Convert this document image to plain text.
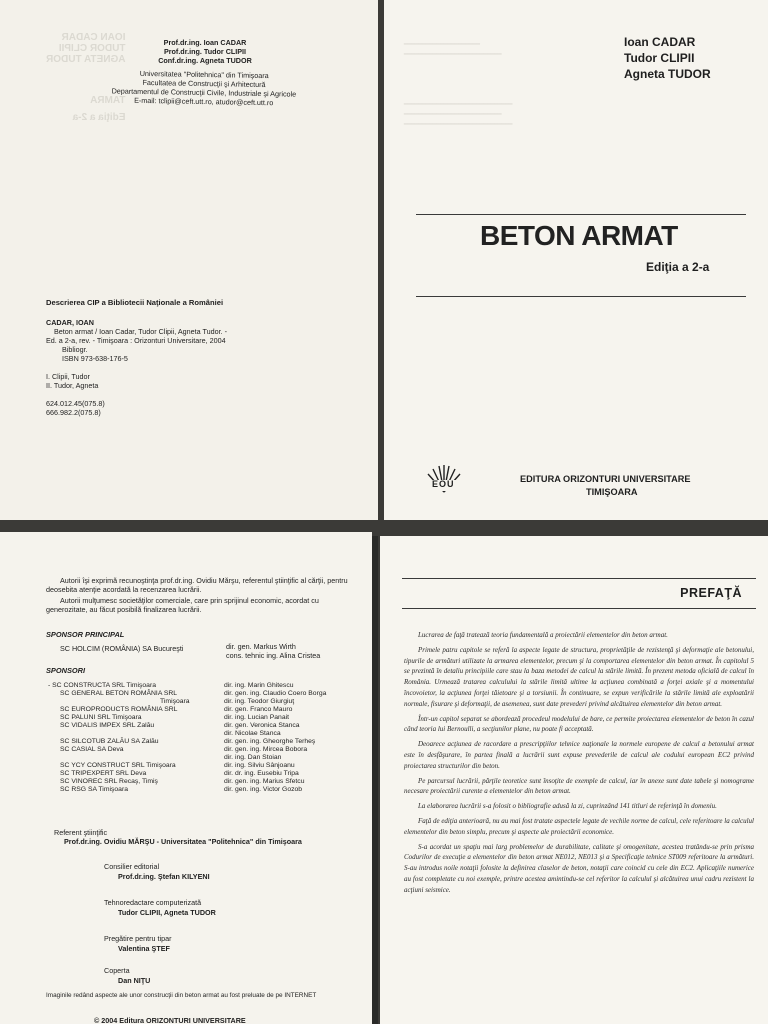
IOAN CADAR
TUDOR CLIPII
AGNETA TUDOR
TAMRA
Ediţia a 2-a
Prof.dr.ing. Ioan CADAR
Prof.dr.ing. Tudor CLIPII
Conf.dr.ing. Agneta TUDOR
Universitatea "Politehnica" din Timişoara
Facultatea de Construcţii şi Arhitectură
Departamentul de Construcţii Civile, Industriale şi Agricole
E-mail: tclipii@ceft.utt.ro, atudor@ceft.utt.ro
Descrierea CIP a Bibliotecii Naţionale a României
CADAR, IOAN
Beton armat / Ioan Cadar, Tudor Clipii, Agneta Tudor. -
Ed. a 2-a, rev. - Timişoara : Orizonturi Universitare, 2004
Bibliogr.
ISBN 973-638-176-5
I. Clipii, Tudor
II. Tudor, Agneta
624.012.45(075.8)
666.982.2(075.8)
━━━━━━━━━━━━━━━━━━━━━
━━━━━━━━━━━━━━━━━━━━━━━━━━━
━━━━━━━━━━━━━━━━━━━━━━━━━━━━━━
━━━━━━━━━━━━━━━━━━━━━━━━━━━
━━━━━━━━━━━━━━━━━━━━━━━━━━━━━━
Ioan CADAR
Tudor CLIPII
Agneta TUDOR
BETON ARMAT
Ediţia a 2-a
EOU	EDITURA ORIZONTURI UNIVERSITARE
TIMIŞOARA
Autorii îşi exprimă recunoştinţa prof.dr.ing. Ovidiu Mărşu, referentul ştiinţific al cărţii, pentru deosebita atenţie acordată la recenzarea lucrării.
Autorii mulţumesc societăţilor comerciale, care prin sprijinul economic, acordat cu generozitate, au făcut posibilă finalizarea lucrării.
SPONSOR PRINCIPAL
SC HOLCIM (ROMÂNIA) SA Bucureşti	dir. gen. Markus Wirth
cons. tehnic ing. Alina Cristea
SPONSORI
- SC CONSTRUCTA SRL Timişoara
SC GENERAL BETON ROMÂNIA SRL
Timişoara
SC EUROPRODUCTS ROMÂNIA SRL
SC PALUNI SRL Timişoara
SC VIDALIS IMPEX SRL Zalău
SC SILCOTUB ZALĂU SA Zalău
SC CASIAL SA Deva
SC YCY CONSTRUCT SRL Timişoara
SC TRIPEXPERT SRL Deva
SC VINOREC SRL Recaş, Timiş
SC RSG SA Timişoara
dir. ing. Marin Ghitescu
dir. gen. ing. Claudio Coero Borga
dir. ing. Teodor Giurgiuţ
dir. gen. Franco Mauro
dir. ing. Lucian Panait
dir. gen. Veronica Stanca
dir. Nicolae Stanca
dir. gen. ing. Gheorghe Terheş
dir. gen. ing. Mircea Bobora
dir. ing. Dan Stoian
dir. ing. Silviu Sânjoanu
dir. dr. ing. Eusebiu Tripa
dir. gen. ing. Marius Sfetcu
dir. gen. ing. Victor Gozob
Referent ştiinţific
Prof.dr.ing. Ovidiu MĂRŞU - Universitatea "Politehnica" din Timişoara
Consilier editorial
Prof.dr.ing. Ştefan KILYENI
Tehnoredactare computerizată
Tudor CLIPII, Agneta TUDOR
Pregătire pentru tipar
Valentina ŞTEF
Coperta
Dan NIŢU
Imaginile redând aspecte ale unor construcţii din beton armat au fost preluate de pe INTERNET
© 2004 Editura ORIZONTURI UNIVERSITARE
PREFAŢĂ

Lucrarea de faţă tratează teoria fundamentală a proiectării elementelor din beton armat.

Primele patru capitole se referă la aspecte legate de structura, proprietăţile de rezistenţă şi deformaţie ale betonului, tipurile de armături utilizate la armarea elementelor, precum şi la comportarea elementelor din beton armat. În capitolul 5 se prezintă în detaliu principiile care stau la baza metodei de calcul la stările limită. În prezent metoda oficială de calcul în România. Urmează tratarea calculului la stările limită ultime la acţiunea combinată a forţei axiale şi a momentului încovoietor, la acţiunea forţei tăietoare şi a torsiunii. În continuare, se expun verificările la stările limită ale exploatării normale, fisurare şi deformaţii, de asemenea, sunt date prevederi privind alcătuirea elementelor din beton armat.

Într-un capitol separat se abordează procedeul modelului de bare, ce permite proiectarea elementelor de beton în cazul când teoria lui Bernoulli, a secţiunilor plane, nu poate fi acceptată.

Deoarece acţiunea de racordare a prescripţiilor tehnice naţionale la normele europene de calcul a betonului armat este în desfăşurare, în partea finală a lucrării sunt expuse prevederile de calcul ale codului european EC2 privind proiectarea structurilor din beton.

Pe parcursul lucrării, părţile teoretice sunt însoţite de exemple de calcul, iar în anexe sunt date tabele şi nomograme necesare proiectării curente a elementelor din beton armat.

La elaborarea lucrării s-a folosit o bibliografie adusă la zi, cuprinzând 141 titluri de referinţă în domeniu.

Faţă de ediţia anterioară, nu au mai fost tratate aspectele legate de vechile norme de calcul, cele referitoare la calculul elementelor din beton simplu, precum şi aspecte ale proiectării economice.

S-a acordat un spaţiu mai larg problemelor de durabilitate, calitate şi omogenitate, acestea tratându-se prin prisma Codurilor de execuţie a elementelor din beton armat NE012, NE013 şi a Specificaţie tehnice ST009 referitoare la armături. S-au introdus noile notaţii folosite la definirea claselor de beton, notaţii care coincid cu cele din EC2. Aplicaţiile numerice au fost completate cu noi exemple, printre acestea amintindu-se cel referitor la calculul şi alcătuirea unui cadru rezistent la acţiuni seismice.
